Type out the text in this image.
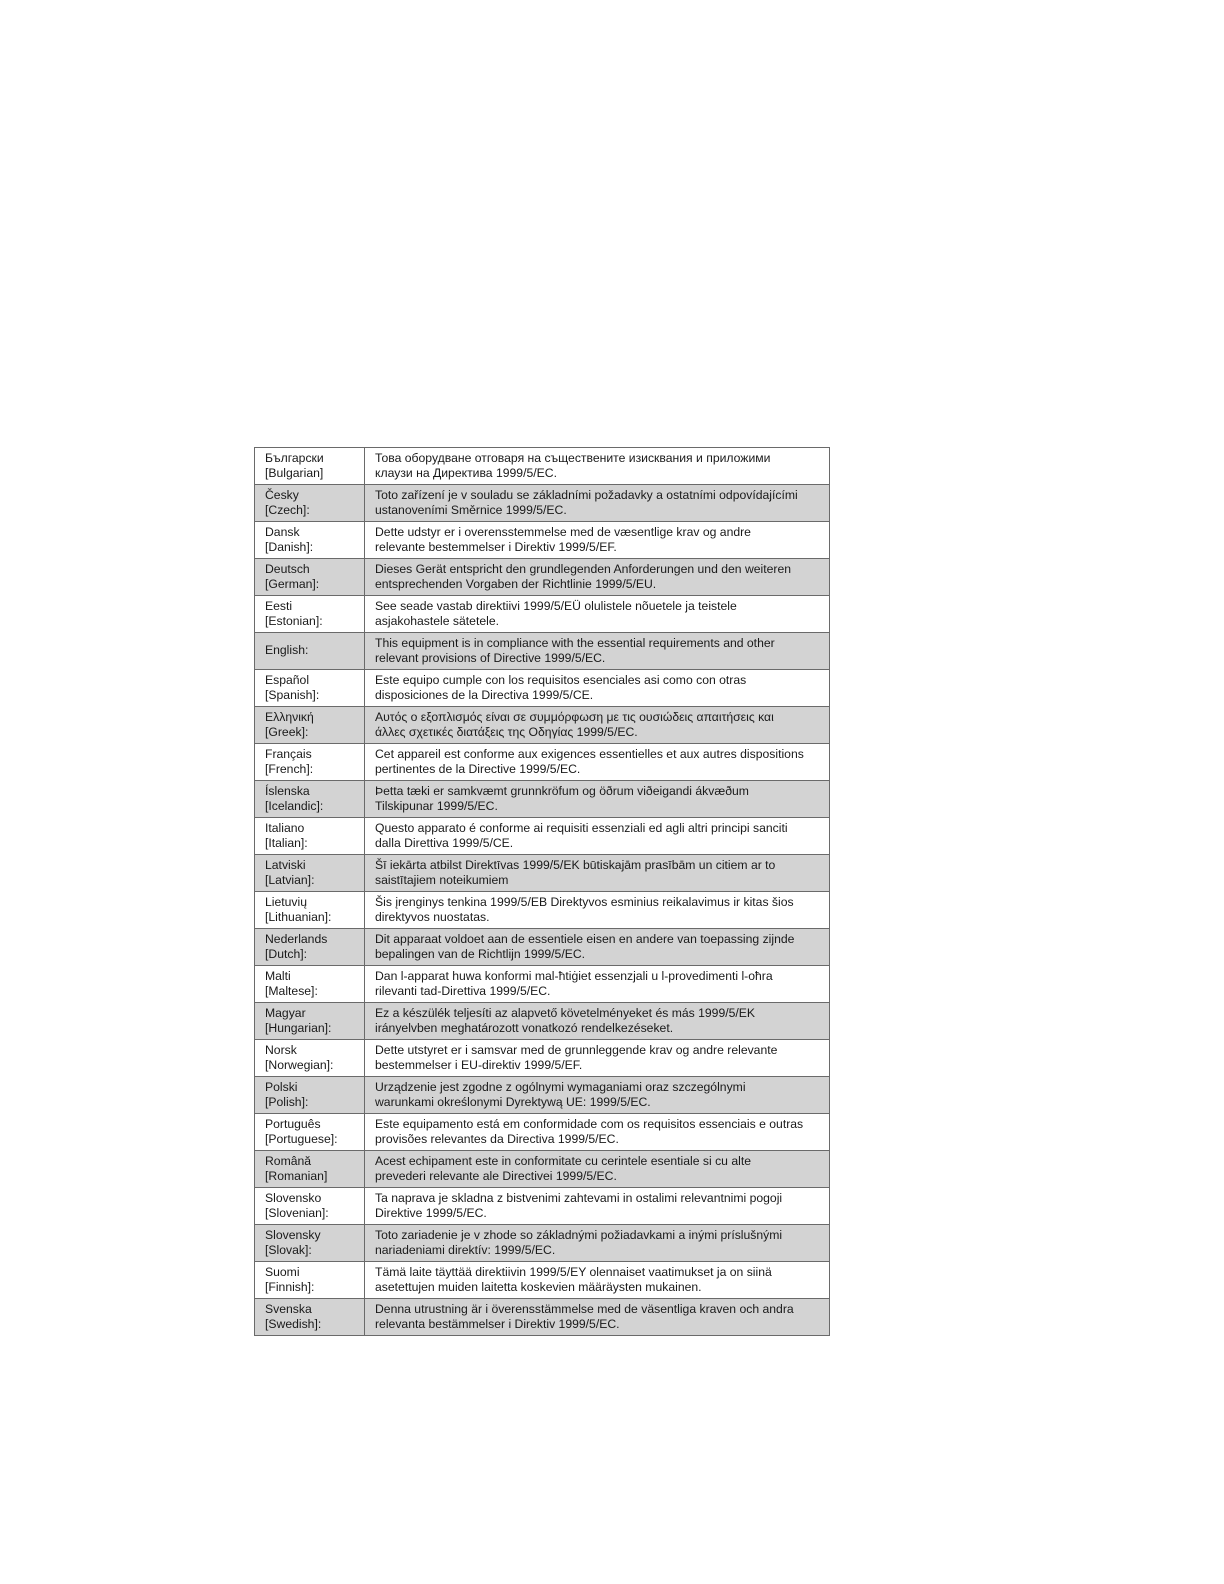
Български
[Bulgarian]	Това оборудване отговаря на съществените изисквания и приложими
клаузи на Директива 1999/5/EC.

Česky
[Czech]:	Toto zařízení je v souladu se základními požadavky a ostatními odpovídajícími
ustanoveními Směrnice 1999/5/EC.

Dansk
[Danish]:	Dette udstyr er i overensstemmelse med de væsentlige krav og andre
relevante bestemmelser i Direktiv 1999/5/EF.

Deutsch
[German]:	Dieses Gerät entspricht den grundlegenden Anforderungen und den weiteren
entsprechenden Vorgaben der Richtlinie 1999/5/EU.

Eesti
[Estonian]:	See seade vastab direktiivi 1999/5/EÜ olulistele nõuetele ja teistele
asjakohastele sätetele.

English:	This equipment is in compliance with the essential requirements and other
relevant provisions of Directive 1999/5/EC.

Español
[Spanish]:	Este equipo cumple con los requisitos esenciales asi como con otras
disposiciones de la Directiva 1999/5/CE.

Ελληνική
[Greek]:	Αυτός ο εξοπλισμός είναι σε συμμόρφωση με τις ουσιώδεις απαιτήσεις και
άλλες σχετικές διατάξεις της Οδηγίας 1999/5/EC.

Français
[French]:	Cet appareil est conforme aux exigences essentielles et aux autres dispositions
pertinentes de la Directive 1999/5/EC.

Íslenska
[Icelandic]:	Þetta tæki er samkvæmt grunnkröfum og öðrum viðeigandi ákvæðum
Tilskipunar 1999/5/EC.

Italiano
[Italian]:	Questo apparato é conforme ai requisiti essenziali ed agli altri principi sanciti
dalla Direttiva 1999/5/CE.

Latviski
[Latvian]:	Šī iekārta atbilst Direktīvas 1999/5/EK būtiskajām prasībām un citiem ar to
saistītajiem noteikumiem

Lietuvių
[Lithuanian]:	Šis įrenginys tenkina 1999/5/EB Direktyvos esminius reikalavimus ir kitas šios
direktyvos nuostatas.

Nederlands
[Dutch]:	Dit apparaat voldoet aan de essentiele eisen en andere van toepassing zijnde
bepalingen van de Richtlijn 1999/5/EC.

Malti
[Maltese]:	Dan l-apparat huwa konformi mal-ħtiġiet essenzjali u l-provedimenti l-oħra
rilevanti tad-Direttiva 1999/5/EC.

Magyar
[Hungarian]:	Ez a készülék teljesíti az alapvető követelményeket és más 1999/5/EK
irányelvben meghatározott vonatkozó rendelkezéseket.

Norsk
[Norwegian]:	Dette utstyret er i samsvar med de grunnleggende krav og andre relevante
bestemmelser i EU-direktiv 1999/5/EF.

Polski
[Polish]:	Urządzenie jest zgodne z ogólnymi wymaganiami oraz szczególnymi
warunkami określonymi Dyrektywą UE: 1999/5/EC.

Português
[Portuguese]:	Este equipamento está em conformidade com os requisitos essenciais e outras
provisões relevantes da Directiva 1999/5/EC.

Română
[Romanian]	Acest echipament este in conformitate cu cerintele esentiale si cu alte
prevederi relevante ale Directivei 1999/5/EC.

Slovensko
[Slovenian]:	Ta naprava je skladna z bistvenimi zahtevami in ostalimi relevantnimi pogoji
Direktive 1999/5/EC.

Slovensky
[Slovak]:	Toto zariadenie je v zhode so základnými požiadavkami a inými príslušnými
nariadeniami direktív: 1999/5/EC.

Suomi
[Finnish]:	Tämä laite täyttää direktiivin 1999/5/EY olennaiset vaatimukset ja on siinä
asetettujen muiden laitetta koskevien määräysten mukainen.

Svenska
[Swedish]:	Denna utrustning är i överensstämmelse med de väsentliga kraven och andra
relevanta bestämmelser i Direktiv 1999/5/EC.
